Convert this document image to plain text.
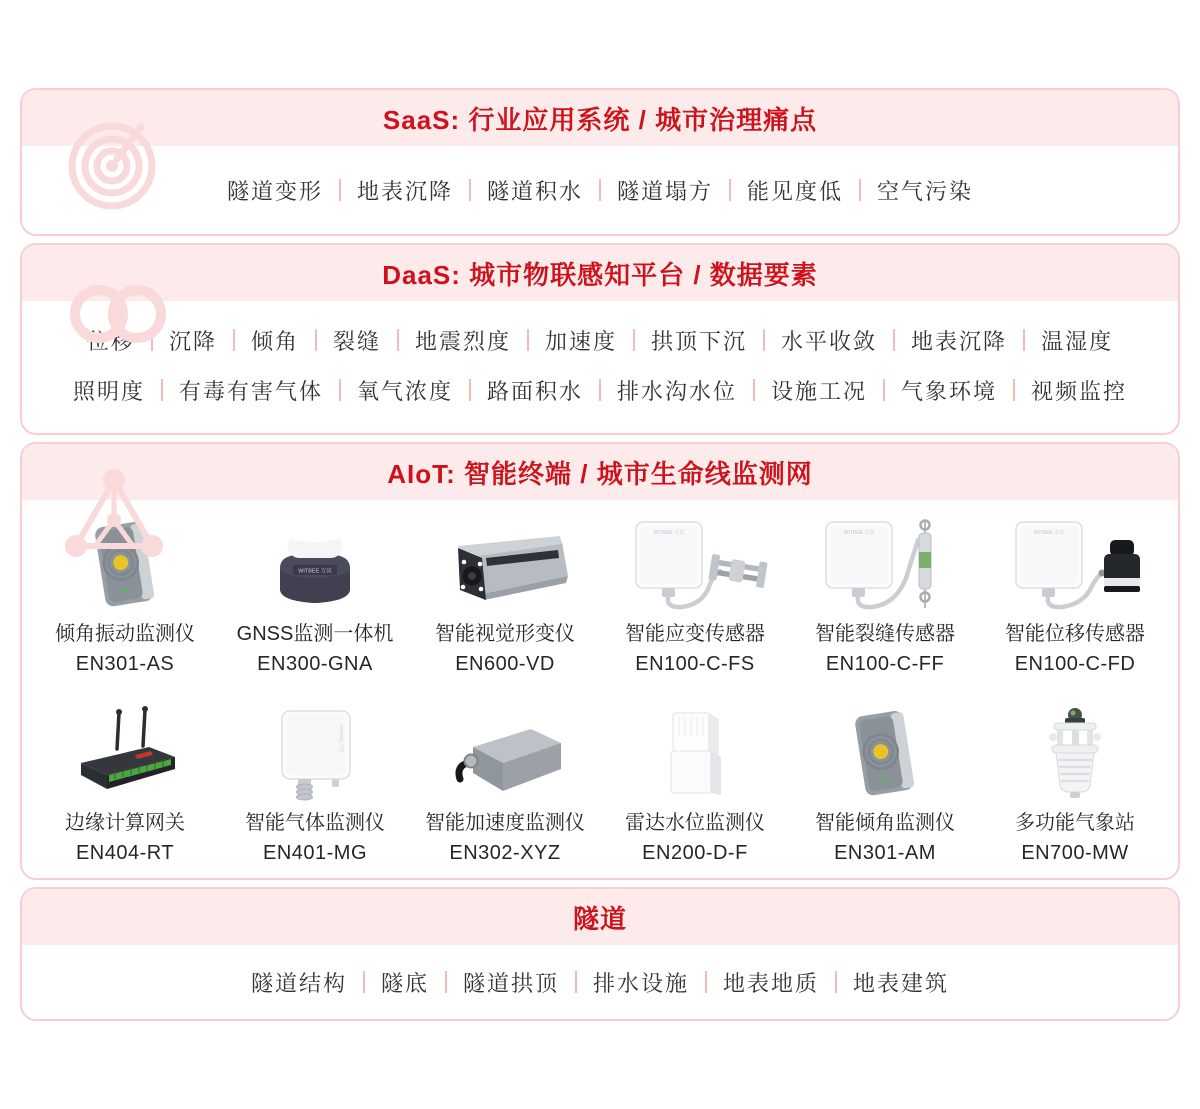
SaaS: 行业应用系统 / 城市治理痛点
隧道变形 地表沉降 隧道积水 隧道塌方 能见度低 空气污染
DaaS: 城市物联感知平台 / 数据要素
位移 沉降 倾角 裂缝 地震烈度 加速度 拱顶下沉 水平收敛 地表沉降 温湿度
照明度 有毒有害气体 氧气浓度 路面积水 排水沟水位 设施工况 气象环境 视频监控
AIoT: 智能终端 / 城市生命线监测网
倾角振动监测仪
EN301-AS
WITBEE 万宾
GNSS监测一体机
EN300-GNA
智能视觉形变仪
EN600-VD
WITBEE 万宾
智能应变传感器
EN100-C-FS
WITBEE 万宾
智能裂缝传感器
EN100-C-FF
WITBEE 万宾
智能位移传感器
EN100-C-FD
边缘计算网关
EN404-RT
WITBEE 万宾
智能气体监测仪
EN401-MG
智能加速度监测仪
EN302-XYZ
雷达水位监测仪
EN200-D-F
智能倾角监测仪
EN301-AM
多功能气象站
EN700-MW
隧道
隧道结构 隧底 隧道拱顶 排水设施 地表地质 地表建筑
